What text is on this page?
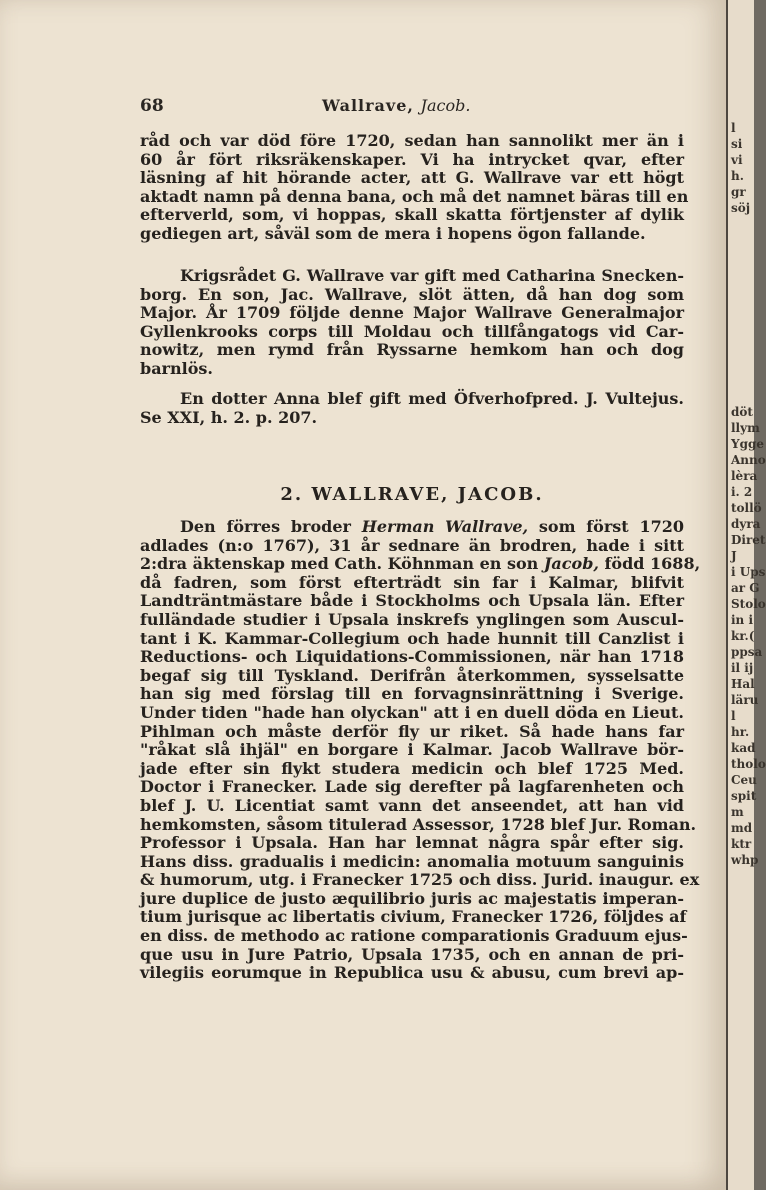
68	Wallrave, Jacob.
råd och var död före 1720, sedan han sannolikt mer än i
60 år fört riksräkenskaper. Vi ha intrycket qvar, efter
läsning af hit hörande acter, att G. Wallrave var ett högt
aktadt namn på denna bana, och må det namnet bäras till en
efterverld, som, vi hoppas, skall skatta förtjenster af dylik
gediegen art, såväl som de mera i hopens ögon fallande.
Krigsrådet G. Wallrave var gift med Catharina Snecken-
borg. En son, Jac. Wallrave, slöt ätten, då han dog som
Major. År 1709 följde denne Major Wallrave Generalmajor
Gyllenkrooks corps till Moldau och tillfångatogs vid Car-
nowitz, men rymd från Ryssarne hemkom han och dog
barnlös.
En dotter Anna blef gift med Öfverhofpred. J. Vultejus.
Se XXI, h. 2. p. 207.
2. WALLRAVE, JACOB.
Den förres broder Herman Wallrave, som först 1720
adlades (n:o 1767), 31 år sednare än brodren, hade i sitt
2:dra äktenskap med Cath. Köhnman en son Jacob, född 1688,
då fadren, som först efterträdt sin far i Kalmar, blifvit
Landträntmästare både i Stockholms och Upsala län. Efter
fulländade studier i Upsala inskrefs ynglingen som Auscul-
tant i K. Kammar-Collegium och hade hunnit till Canzlist i
Reductions- och Liquidations-Commissionen, när han 1718
begaf sig till Tyskland. Derifrån återkommen, sysselsatte
han sig med förslag till en forvagnsinrättning i Sverige.
Under tiden "hade han olyckan" att i en duell döda en Lieut.
Pihlman och måste derför fly ur riket. Så hade hans far
"råkat slå ihjäl" en borgare i Kalmar. Jacob Wallrave bör-
jade efter sin flykt studera medicin och blef 1725 Med.
Doctor i Franecker. Lade sig derefter på lagfarenheten och
blef J. U. Licentiat samt vann det anseendet, att han vid
hemkomsten, såsom titulerad Assessor, 1728 blef Jur. Roman.
Professor i Upsala. Han har lemnat några spår efter sig.
Hans diss. gradualis i medicin: anomalia motuum sanguinis
& humorum, utg. i Franecker 1725 och diss. Jurid. inaugur. ex
jure duplice de justo æquilibrio juris ac majestatis imperan-
tium jurisque ac libertatis civium, Franecker 1726, följdes af
en diss. de methodo ac ratione comparationis Graduum ejus-
que usu in Jure Patrio, Upsala 1735, och en annan de pri-
vilegiis eorumque in Republica usu & abusu, cum brevi ap-
l
si
vi
h.
gr
söj
döt
llym
Ygge
Anno
lèra
i. 2
tollö
dyra
Diret
J
i Ups
ar G
Stolo
in i
kr.(
ppsa
il ij
Hal
läru
l
hr.
kad
tholo
Ceu
spit
m
md
ktr
whp
